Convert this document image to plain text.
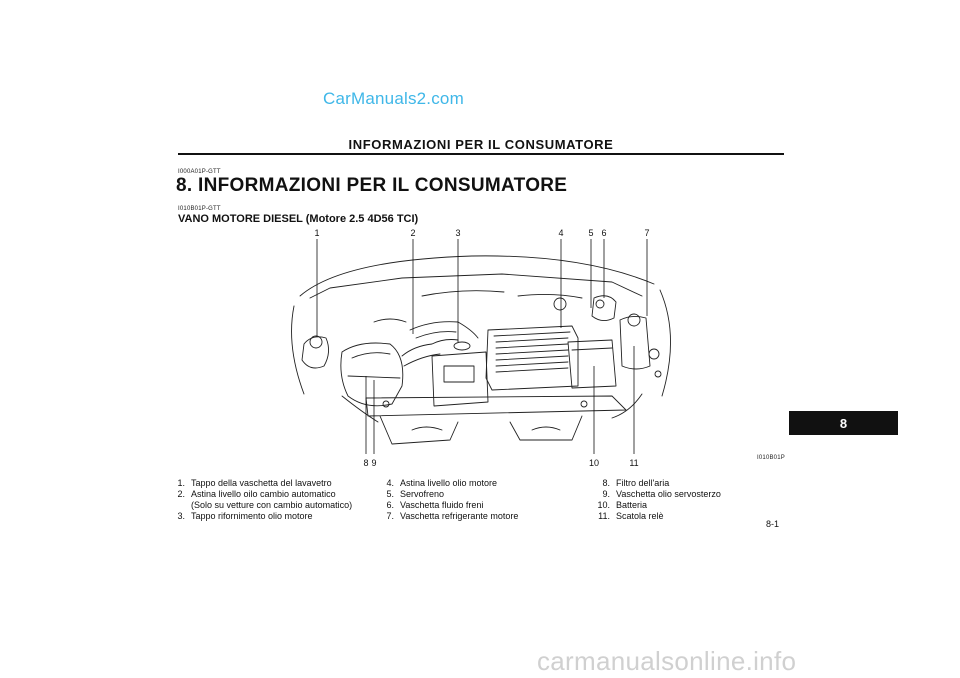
CarManuals2.com
INFORMAZIONI PER IL CONSUMATORE
I000A01P-GTT
8. INFORMAZIONI PER IL CONSUMATORE
I010B01P-GTT
VANO MOTORE DIESEL (Motore 2.5 4D56 TCI)
1	2	3	4	5 6	7
8 9	10	11	I010B01P
1. Tappo della vaschetta del lavavetro
2. Astina livello oilo cambio automatico
(Solo su vetture con cambio automatico)
3. Tappo rifornimento olio motore
4. Astina livello olio motore
5. Servofreno
6. Vaschetta fluido freni
7. Vaschetta refrigerante motore
8. Filtro dell'aria
9. Vaschetta olio servosterzo
10. Batteria
11. Scatola relè
8
8-1
carmanualsonline.info
